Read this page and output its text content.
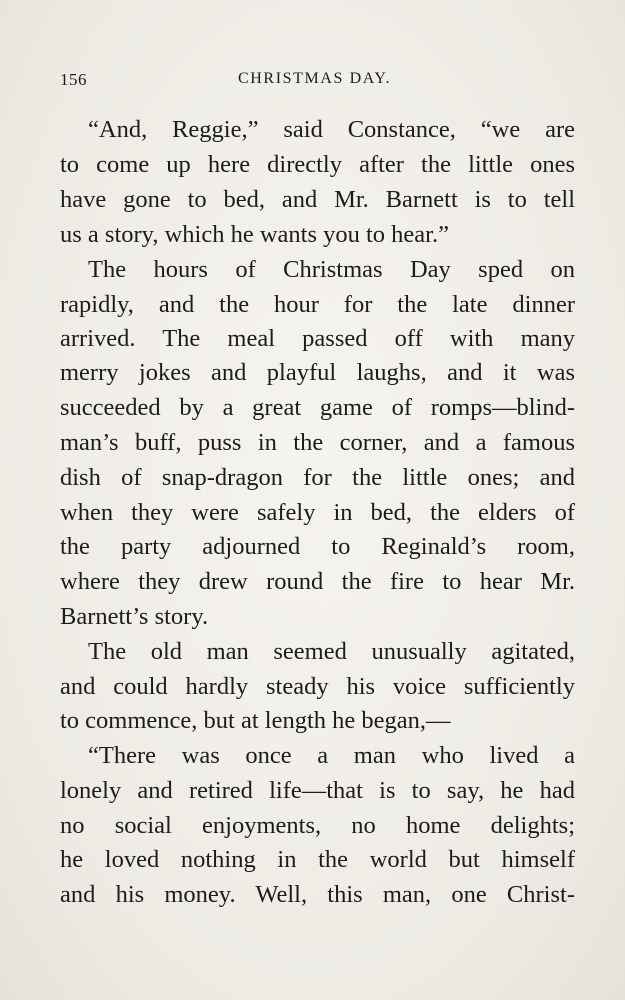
156	CHRISTMAS DAY.
“And, Reggie,” said Constance, “we are
to come up here directly after the little ones
have gone to bed, and Mr. Barnett is to tell
us a story, which he wants you to hear.”
The hours of Christmas Day sped on
rapidly, and the hour for the late dinner
arrived. The meal passed off with many
merry jokes and playful laughs, and it was
succeeded by a great game of romps—blind-
man’s buff, puss in the corner, and a famous
dish of snap-dragon for the little ones; and
when they were safely in bed, the elders of
the party adjourned to Reginald’s room,
where they drew round the fire to hear Mr.
Barnett’s story.
The old man seemed unusually agitated,
and could hardly steady his voice sufficiently
to commence, but at length he began,—
“There was once a man who lived a
lonely and retired life—that is to say, he had
no social enjoyments, no home delights;
he loved nothing in the world but himself
and his money. Well, this man, one Christ-
